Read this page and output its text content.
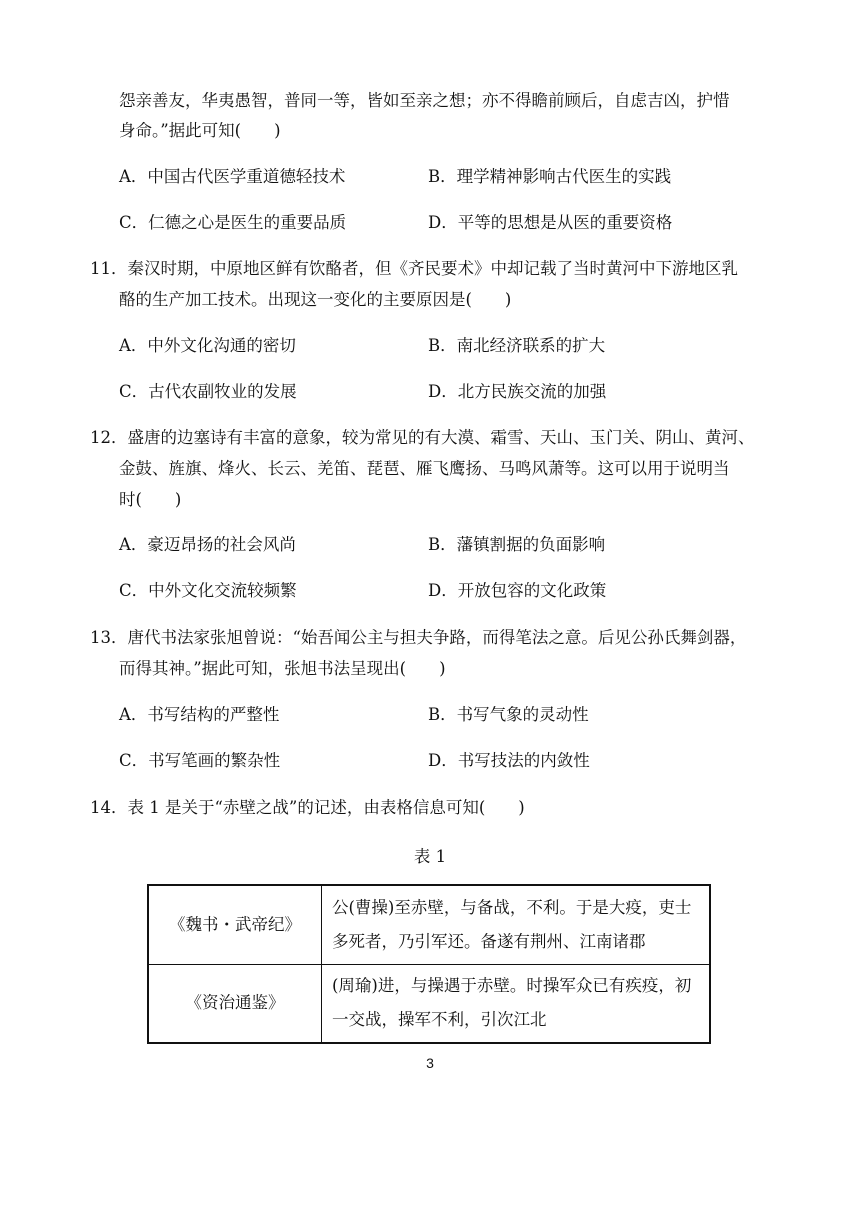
怨亲善友，华夷愚智，普同一等，皆如至亲之想；亦不得瞻前顾后，自虑吉凶，护惜
身命。”据此可知(　　)
A．中国古代医学重道德轻技术	B．理学精神影响古代医生的实践
C．仁德之心是医生的重要品质	D．平等的思想是从医的重要资格
11．秦汉时期，中原地区鲜有饮酪者，但《齐民要术》中却记载了当时黄河中下游地区乳
酪的生产加工技术。出现这一变化的主要原因是(　　)
A．中外文化沟通的密切	B．南北经济联系的扩大
C．古代农副牧业的发展	D．北方民族交流的加强
12．盛唐的边塞诗有丰富的意象，较为常见的有大漠、霜雪、天山、玉门关、阴山、黄河、
金鼓、旌旗、烽火、长云、羌笛、琵琶、雁飞鹰扬、马鸣风萧等。这可以用于说明当
时(　　)
A．豪迈昂扬的社会风尚	B．藩镇割据的负面影响
C．中外文化交流较频繁	D．开放包容的文化政策
13．唐代书法家张旭曾说：“始吾闻公主与担夫争路，而得笔法之意。后见公孙氏舞剑器，
而得其神。”据此可知，张旭书法呈现出(　　)
A．书写结构的严整性	B．书写气象的灵动性
C．书写笔画的繁杂性	D．书写技法的内敛性
14．表 1 是关于“赤壁之战”的记述，由表格信息可知(　　)
表 1
《魏书・武帝纪》	公(曹操)至赤壁，与备战，不利。于是大疫，吏士
多死者，乃引军还。备遂有荆州、江南诸郡

《资治通鉴》	(周瑜)进，与操遇于赤壁。时操军众已有疾疫，初
一交战，操军不利，引次江北
3
